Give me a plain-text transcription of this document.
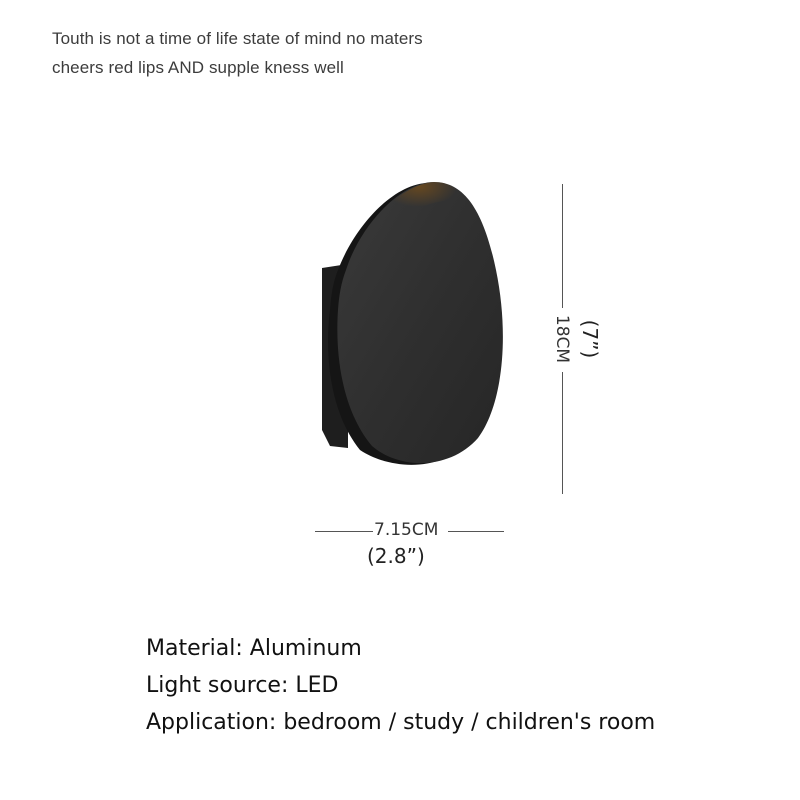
Touth is not a time of life state of mind no maters
cheers red lips AND supple kness well
7.15CM
(2.8”)
18CM (7”)
Material: Aluminum
Light source: LED
Application: bedroom / study / children's room
